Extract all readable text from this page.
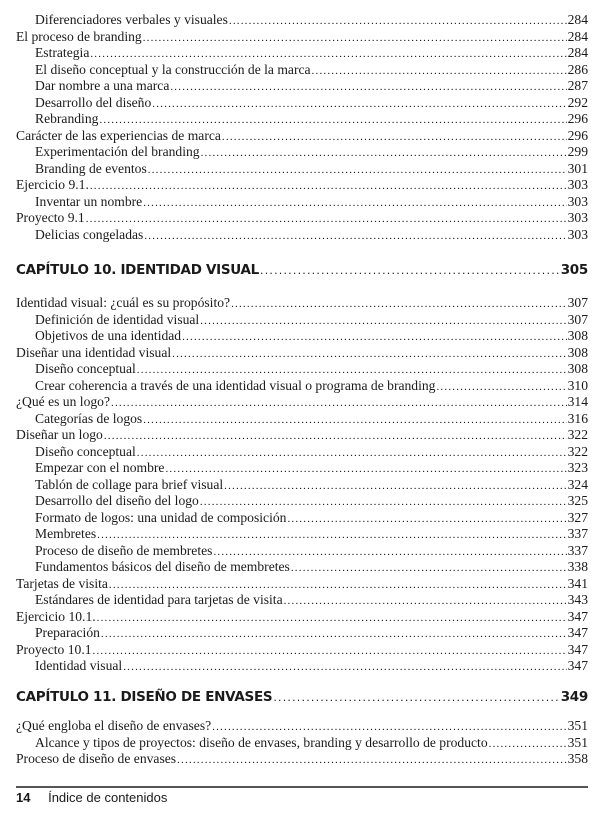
Diferenciadores verbales y visuales .....	284
El proceso de branding .....	284
Estrategia .....	284
El diseño conceptual y la construcción de la marca .....	286
Dar nombre a una marca .....	287
Desarrollo del diseño .....	292
Rebranding .....	296
Carácter de las experiencias de marca .....	296
Experimentación del branding .....	299
Branding de eventos .....	301
Ejercicio 9.1. .....	303
Inventar un nombre .....	303
Proyecto 9.1 .....	303
Delicias congeladas .....	303
CAPÍTULO 10. IDENTIDAD VISUAL .....	305
Identidad visual: ¿cuál es su propósito? .....	307
Definición de identidad visual .....	307
Objetivos de una identidad .....	308
Diseñar una identidad visual .....	308
Diseño conceptual .....	308
Crear coherencia a través de una identidad visual o programa de branding .....	310
¿Qué es un logo? .....	314
Categorías de logos .....	316
Diseñar un logo .....	322
Diseño conceptual .....	322
Empezar con el nombre .....	323
Tablón de collage para brief visual .....	324
Desarrollo del diseño del logo .....	325
Formato de logos: una unidad de composición .....	327
Membretes .....	337
Proceso de diseño de membretes .....	337
Fundamentos básicos del diseño de membretes .....	338
Tarjetas de visita .....	341
Estándares de identidad para tarjetas de visita .....	343
Ejercicio 10.1. .....	347
Preparación .....	347
Proyecto 10.1 .....	347
Identidad visual .....	347
CAPÍTULO 11. DISEÑO DE ENVASES .....	349
¿Qué engloba el diseño de envases? .....	351
Alcance y tipos de proyectos: diseño de envases, branding y desarrollo de producto .....	351
Proceso de diseño de envases .....	358
14 Índice de contenidos
